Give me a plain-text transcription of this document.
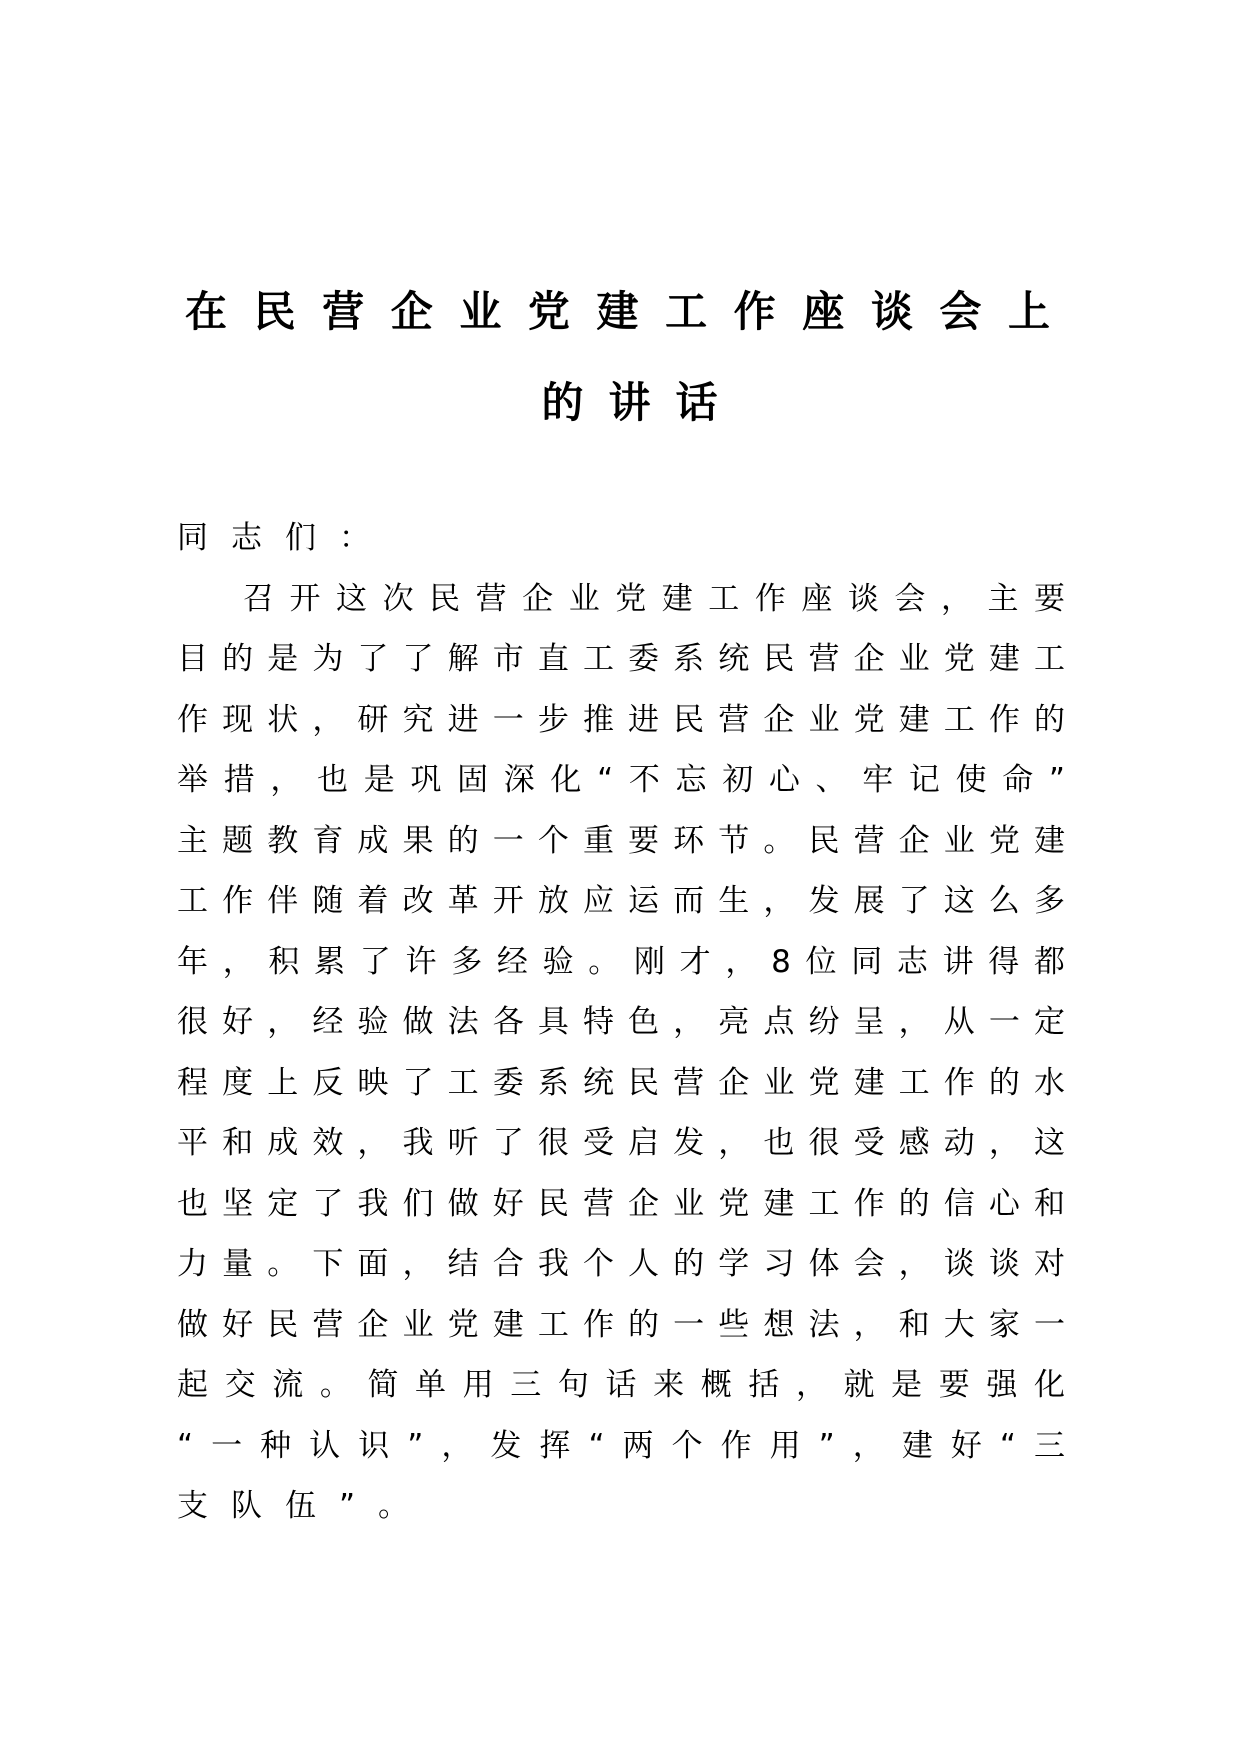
在民营企业党建工作座谈会上
的讲话
同志们：
召开这次民营企业党建工作座谈会，主要
目的是为了了解市直工委系统民营企业党建工
作现状，研究进一步推进民营企业党建工作的
举措，也是巩固深化“不忘初心、牢记使命”
主题教育成果的一个重要环节。民营企业党建
工作伴随着改革开放应运而生，发展了这么多
年，积累了许多经验。刚才，8位同志讲得都
很好，经验做法各具特色，亮点纷呈，从一定
程度上反映了工委系统民营企业党建工作的水
平和成效，我听了很受启发，也很受感动，这
也坚定了我们做好民营企业党建工作的信心和
力量。下面，结合我个人的学习体会，谈谈对
做好民营企业党建工作的一些想法，和大家一
起交流。简单用三句话来概括，就是要强化
“一种认识”，发挥“两个作用”，建好“三
支队伍”。
